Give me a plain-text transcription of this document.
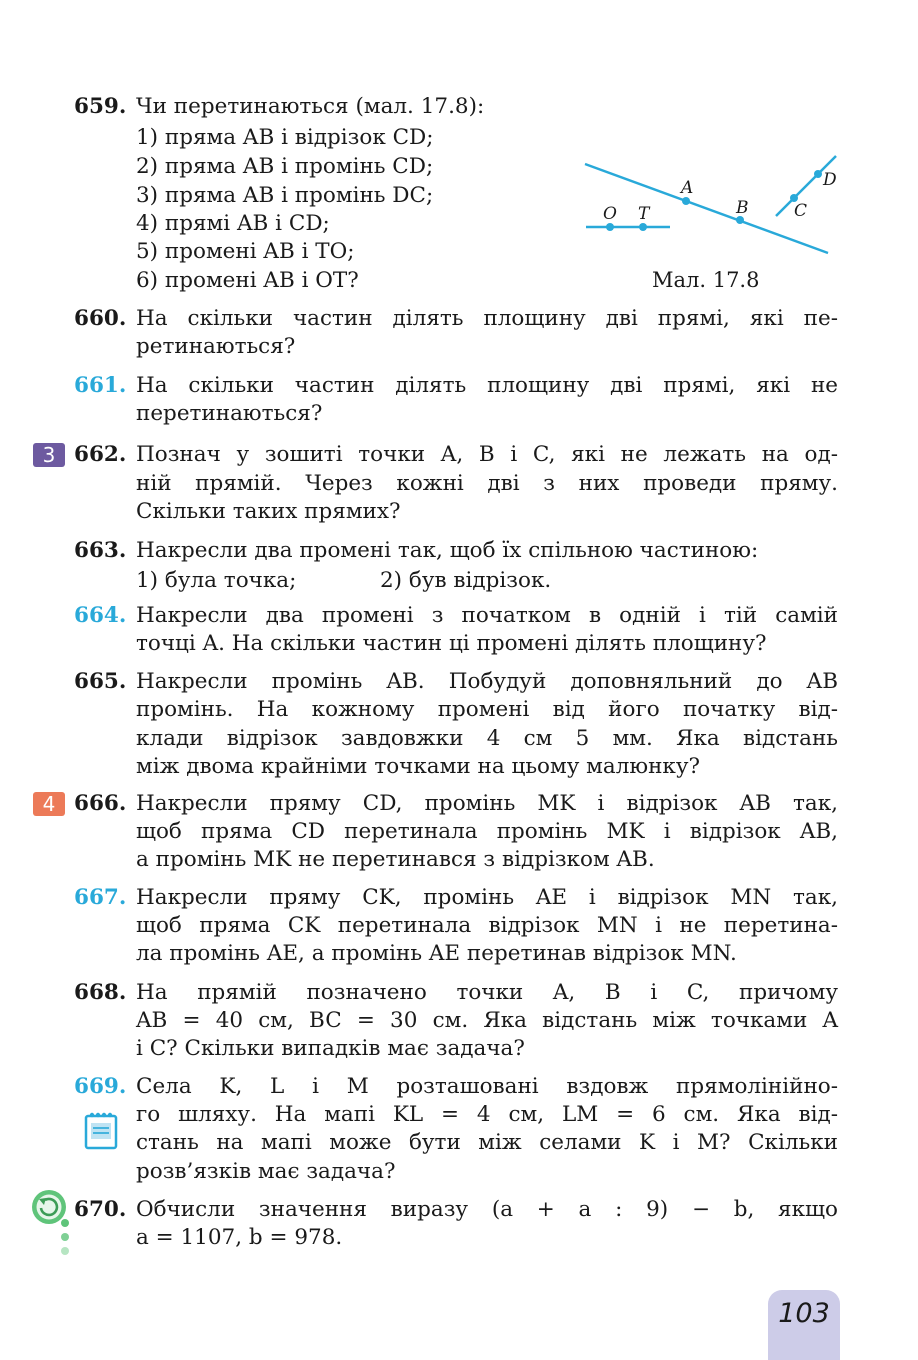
659. Чи перетинаються (мал. 17.8):
1) пряма AB і відрізок CD;
2) пряма AB і промінь CD;
3) пряма AB і промінь DC;
4) прямі AB і CD;
5) промені AB і TO;
6) промені AB і OT?
A
B	C
D
O T
Мал. 17.8
660. На скільки частин ділять площину дві прямі, які пе-
ретинаються?
661. На скільки частин ділять площину дві прямі, які не
перетинаються?
3 662. Познач у зошиті точки A, B і C, які не лежать на од-
ній прямій. Через кожні дві з них проведи пряму.
Скільки таких прямих?
663. Накресли два промені так, щоб їх спільною частиною:
1) була точка;	2) був відрізок.
664. Накресли два промені з початком в одній і тій самій
точці A. На скільки частин ці промені ділять площину?
665. Накресли промінь AB. Побудуй доповняльний до AB
промінь. На кожному промені від його початку від-
клади відрізок завдовжки 4 см 5 мм. Яка відстань
між двома крайніми точками на цьому малюнку?
4 666. Накресли пряму CD, промінь MK і відрізок AB так,
щоб пряма CD перетинала промінь MK і відрізок AB,
а промінь MK не перетинався з відрізком AB.
667. Накресли пряму CK, промінь AE і відрізок MN так,
щоб пряма CK перетинала відрізок MN і не перетина-
ла промінь AE, а промінь AE перетинав відрізок MN.
668. На прямій позначено точки A, B і C, причому
AB = 40 см, BC = 30 см. Яка відстань між точками A
і C? Скільки випадків має задача?
669. Села K, L і M розташовані вздовж прямолінійно-
го шляху. На мапі KL = 4 см, LM = 6 см. Яка від-
стань на мапі може бути між селами K і M? Скільки
розв’язків має задача?
670. Обчисли значення виразу (a + a : 9) − b, якщо
a = 1107, b = 978.
103
